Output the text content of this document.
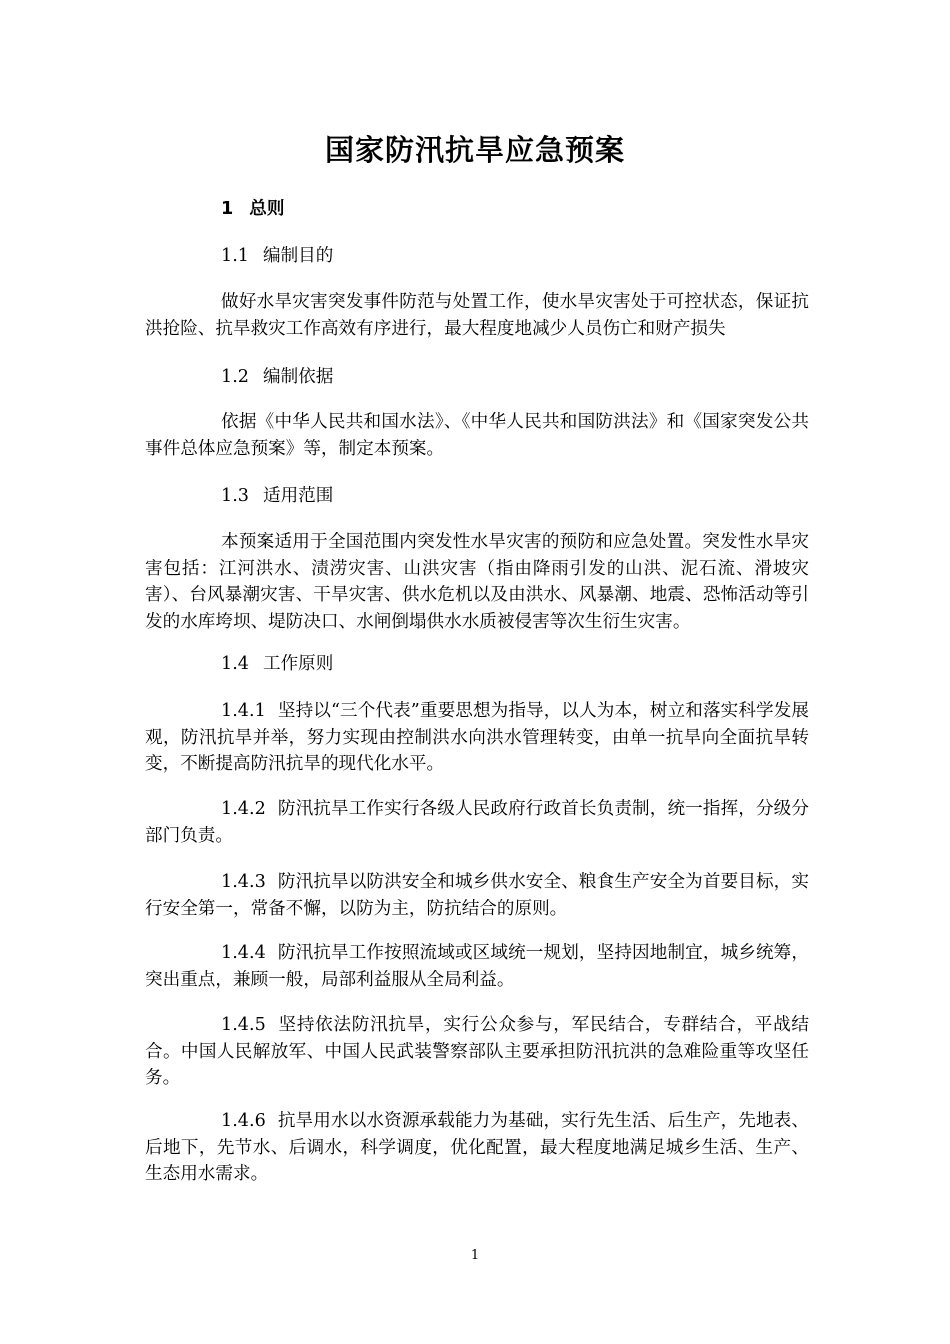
国家防汛抗旱应急预案

1 总则

1.1 编制目的

做好水旱灾害突发事件防范与处置工作，使水旱灾害处于可控状态，保证抗洪抢险、抗旱救灾工作高效有序进行，最大程度地减少人员伤亡和财产损失

1.2 编制依据

依据《中华人民共和国水法》、《中华人民共和国防洪法》和《国家突发公共事件总体应急预案》等，制定本预案。

1.3 适用范围

本预案适用于全国范围内突发性水旱灾害的预防和应急处置。突发性水旱灾害包括：江河洪水、渍涝灾害、山洪灾害（指由降雨引发的山洪、泥石流、滑坡灾害）、台风暴潮灾害、干旱灾害、供水危机以及由洪水、风暴潮、地震、恐怖活动等引发的水库垮坝、堤防决口、水闸倒塌供水水质被侵害等次生衍生灾害。

1.4 工作原则

1.4.1 坚持以“三个代表”重要思想为指导，以人为本，树立和落实科学发展观，防汛抗旱并举，努力实现由控制洪水向洪水管理转变，由单一抗旱向全面抗旱转变，不断提高防汛抗旱的现代化水平。

1.4.2 防汛抗旱工作实行各级人民政府行政首长负责制，统一指挥，分级分部门负责。

1.4.3 防汛抗旱以防洪安全和城乡供水安全、粮食生产安全为首要目标，实行安全第一，常备不懈，以防为主，防抗结合的原则。

1.4.4 防汛抗旱工作按照流域或区域统一规划，坚持因地制宜，城乡统筹，突出重点，兼顾一般，局部利益服从全局利益。

1.4.5 坚持依法防汛抗旱，实行公众参与，军民结合，专群结合，平战结合。中国人民解放军、中国人民武装警察部队主要承担防汛抗洪的急难险重等攻坚任务。

1.4.6 抗旱用水以水资源承载能力为基础，实行先生活、后生产，先地表、后地下，先节水、后调水，科学调度，优化配置，最大程度地满足城乡生活、生产、生态用水需求。

1
